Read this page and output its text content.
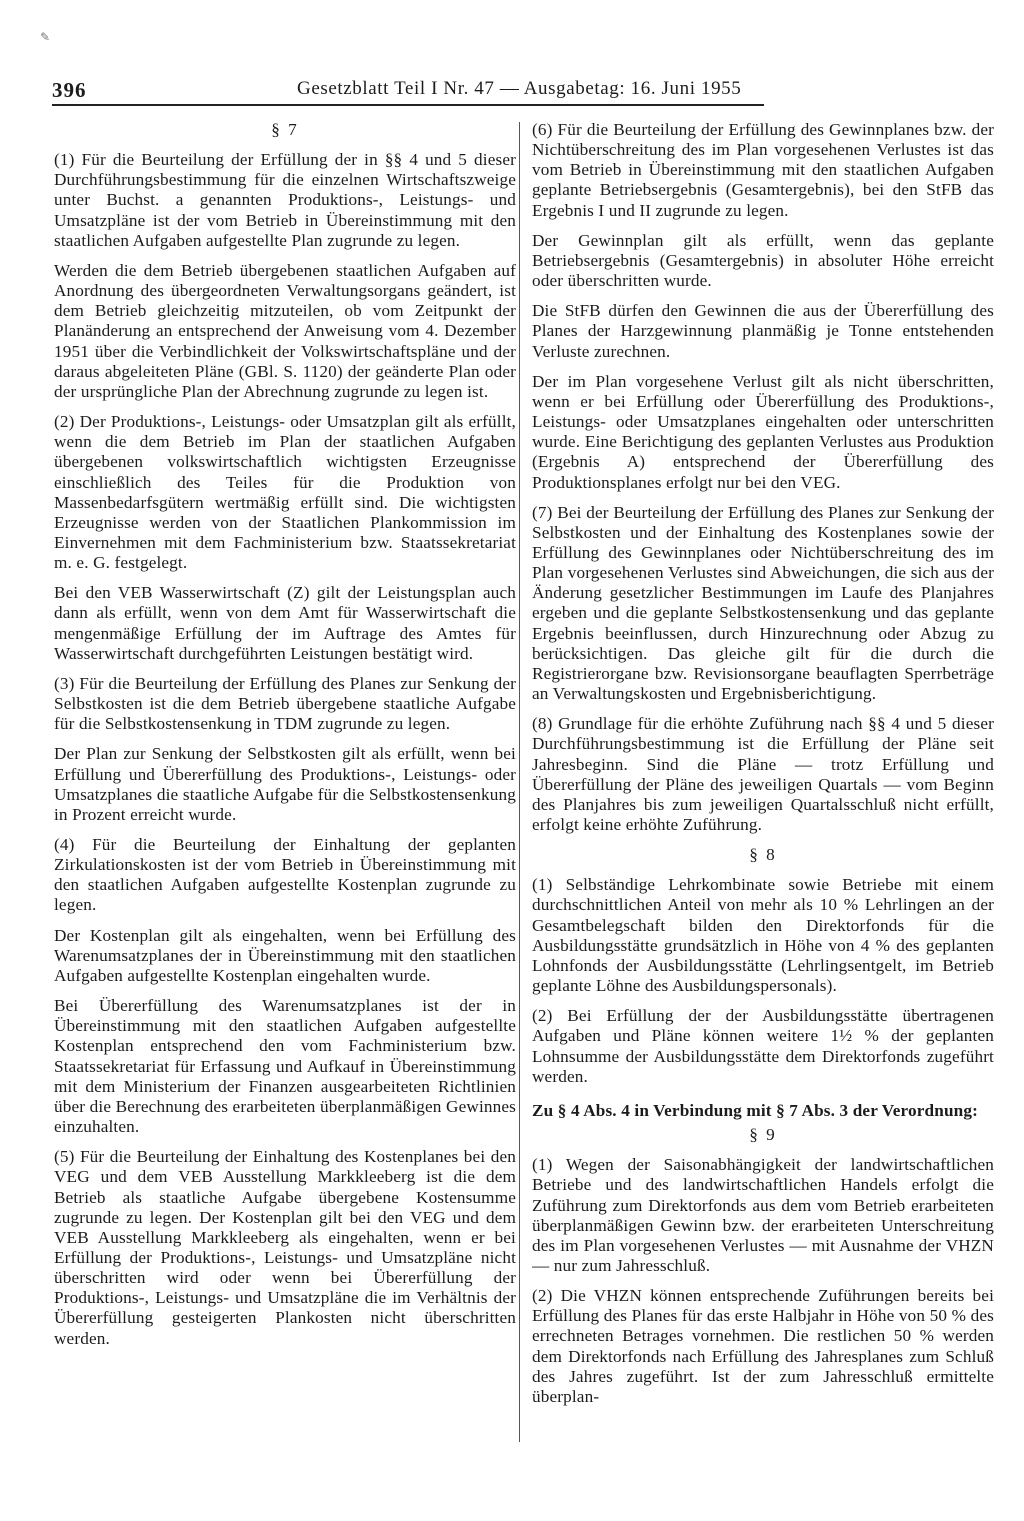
✎
396	Gesetzblatt Teil I Nr. 47 — Ausgabetag: 16. Juni 1955

§ 7

(1) Für die Beurteilung der Erfüllung der in §§ 4 und 5 dieser Durchführungsbestimmung für die einzelnen Wirtschaftszweige unter Buchst. a genannten Produktions-, Leistungs- und Umsatzpläne ist der vom Betrieb in Übereinstimmung mit den staatlichen Aufgaben aufgestellte Plan zugrunde zu legen.

Werden die dem Betrieb übergebenen staatlichen Aufgaben auf Anordnung des übergeordneten Verwaltungsorgans geändert, ist dem Betrieb gleichzeitig mitzuteilen, ob vom Zeitpunkt der Planänderung an entsprechend der Anweisung vom 4. Dezember 1951 über die Verbindlichkeit der Volkswirtschaftspläne und der daraus abgeleiteten Pläne (GBl. S. 1120) der geänderte Plan oder der ursprüngliche Plan der Abrechnung zugrunde zu legen ist.

(2) Der Produktions-, Leistungs- oder Umsatzplan gilt als erfüllt, wenn die dem Betrieb im Plan der staatlichen Aufgaben übergebenen volkswirtschaftlich wichtigsten Erzeugnisse einschließlich des Teiles für die Produktion von Massenbedarfsgütern wertmäßig erfüllt sind. Die wichtigsten Erzeugnisse werden von der Staatlichen Plankommission im Einvernehmen mit dem Fachministerium bzw. Staatssekretariat m. e. G. festgelegt.

Bei den VEB Wasserwirtschaft (Z) gilt der Leistungsplan auch dann als erfüllt, wenn von dem Amt für Wasserwirtschaft die mengenmäßige Erfüllung der im Auftrage des Amtes für Wasserwirtschaft durchgeführten Leistungen bestätigt wird.

(3) Für die Beurteilung der Erfüllung des Planes zur Senkung der Selbstkosten ist die dem Betrieb übergebene staatliche Aufgabe für die Selbstkostensenkung in TDM zugrunde zu legen.

Der Plan zur Senkung der Selbstkosten gilt als erfüllt, wenn bei Erfüllung und Übererfüllung des Produktions-, Leistungs- oder Umsatzplanes die staatliche Aufgabe für die Selbstkostensenkung in Prozent erreicht wurde.

(4) Für die Beurteilung der Einhaltung der geplanten Zirkulationskosten ist der vom Betrieb in Übereinstimmung mit den staatlichen Aufgaben aufgestellte Kostenplan zugrunde zu legen.

Der Kostenplan gilt als eingehalten, wenn bei Erfüllung des Warenumsatzplanes der in Übereinstimmung mit den staatlichen Aufgaben aufgestellte Kostenplan eingehalten wurde.

Bei Übererfüllung des Warenumsatzplanes ist der in Übereinstimmung mit den staatlichen Aufgaben aufgestellte Kostenplan entsprechend den vom Fachministerium bzw. Staatssekretariat für Erfassung und Aufkauf in Übereinstimmung mit dem Ministerium der Finanzen ausgearbeiteten Richtlinien über die Berechnung des erarbeiteten überplanmäßigen Gewinnes einzuhalten.

(5) Für die Beurteilung der Einhaltung des Kostenplanes bei den VEG und dem VEB Ausstellung Markkleeberg ist die dem Betrieb als staatliche Aufgabe übergebene Kostensumme zugrunde zu legen. Der Kostenplan gilt bei den VEG und dem VEB Ausstellung Markkleeberg als eingehalten, wenn er bei Erfüllung der Produktions-, Leistungs- und Umsatzpläne nicht überschritten wird oder wenn bei Übererfüllung der Produktions-, Leistungs- und Umsatzpläne die im Verhältnis der Übererfüllung gesteigerten Plankosten nicht überschritten werden.

(6) Für die Beurteilung der Erfüllung des Gewinnplanes bzw. der Nichtüberschreitung des im Plan vorgesehenen Verlustes ist das vom Betrieb in Übereinstimmung mit den staatlichen Aufgaben geplante Betriebsergebnis (Gesamtergebnis), bei den StFB das Ergebnis I und II zugrunde zu legen.

Der Gewinnplan gilt als erfüllt, wenn das geplante Betriebsergebnis (Gesamtergebnis) in absoluter Höhe erreicht oder überschritten wurde.

Die StFB dürfen den Gewinnen die aus der Übererfüllung des Planes der Harzgewinnung planmäßig je Tonne entstehenden Verluste zurechnen.

Der im Plan vorgesehene Verlust gilt als nicht überschritten, wenn er bei Erfüllung oder Übererfüllung des Produktions-, Leistungs- oder Umsatzplanes eingehalten oder unterschritten wurde. Eine Berichtigung des geplanten Verlustes aus Produktion (Ergebnis A) entsprechend der Übererfüllung des Produktionsplanes erfolgt nur bei den VEG.

(7) Bei der Beurteilung der Erfüllung des Planes zur Senkung der Selbstkosten und der Einhaltung des Kostenplanes sowie der Erfüllung des Gewinnplanes oder Nichtüberschreitung des im Plan vorgesehenen Verlustes sind Abweichungen, die sich aus der Änderung gesetzlicher Bestimmungen im Laufe des Planjahres ergeben und die geplante Selbstkostensenkung und das geplante Ergebnis beeinflussen, durch Hinzurechnung oder Abzug zu berücksichtigen. Das gleiche gilt für die durch die Registrierorgane bzw. Revisionsorgane beauflagten Sperrbeträge an Verwaltungskosten und Ergebnisberichtigung.

(8) Grundlage für die erhöhte Zuführung nach §§ 4 und 5 dieser Durchführungsbestimmung ist die Erfüllung der Pläne seit Jahresbeginn. Sind die Pläne — trotz Erfüllung und Übererfüllung der Pläne des jeweiligen Quartals — vom Beginn des Planjahres bis zum jeweiligen Quartalsschluß nicht erfüllt, erfolgt keine erhöhte Zuführung.

§ 8

(1) Selbständige Lehrkombinate sowie Betriebe mit einem durchschnittlichen Anteil von mehr als 10 % Lehrlingen an der Gesamtbelegschaft bilden den Direktorfonds für die Ausbildungsstätte grundsätzlich in Höhe von 4 % des geplanten Lohnfonds der Ausbildungsstätte (Lehrlingsentgelt, im Betrieb geplante Löhne des Ausbildungspersonals).

(2) Bei Erfüllung der der Ausbildungsstätte übertragenen Aufgaben und Pläne können weitere 1½ % der geplanten Lohnsumme der Ausbildungsstätte dem Direktorfonds zugeführt werden.

Zu § 4 Abs. 4 in Verbindung mit § 7 Abs. 3 der Verordnung:

§ 9

(1) Wegen der Saisonabhängigkeit der landwirtschaftlichen Betriebe und des landwirtschaftlichen Handels erfolgt die Zuführung zum Direktorfonds aus dem vom Betrieb erarbeiteten überplanmäßigen Gewinn bzw. der erarbeiteten Unterschreitung des im Plan vorgesehenen Verlustes — mit Ausnahme der VHZN — nur zum Jahresschluß.

(2) Die VHZN können entsprechende Zuführungen bereits bei Erfüllung des Planes für das erste Halbjahr in Höhe von 50 % des errechneten Betrages vornehmen. Die restlichen 50 % werden dem Direktorfonds nach Erfüllung des Jahresplanes zum Schluß des Jahres zugeführt. Ist der zum Jahresschluß ermittelte überplan-
